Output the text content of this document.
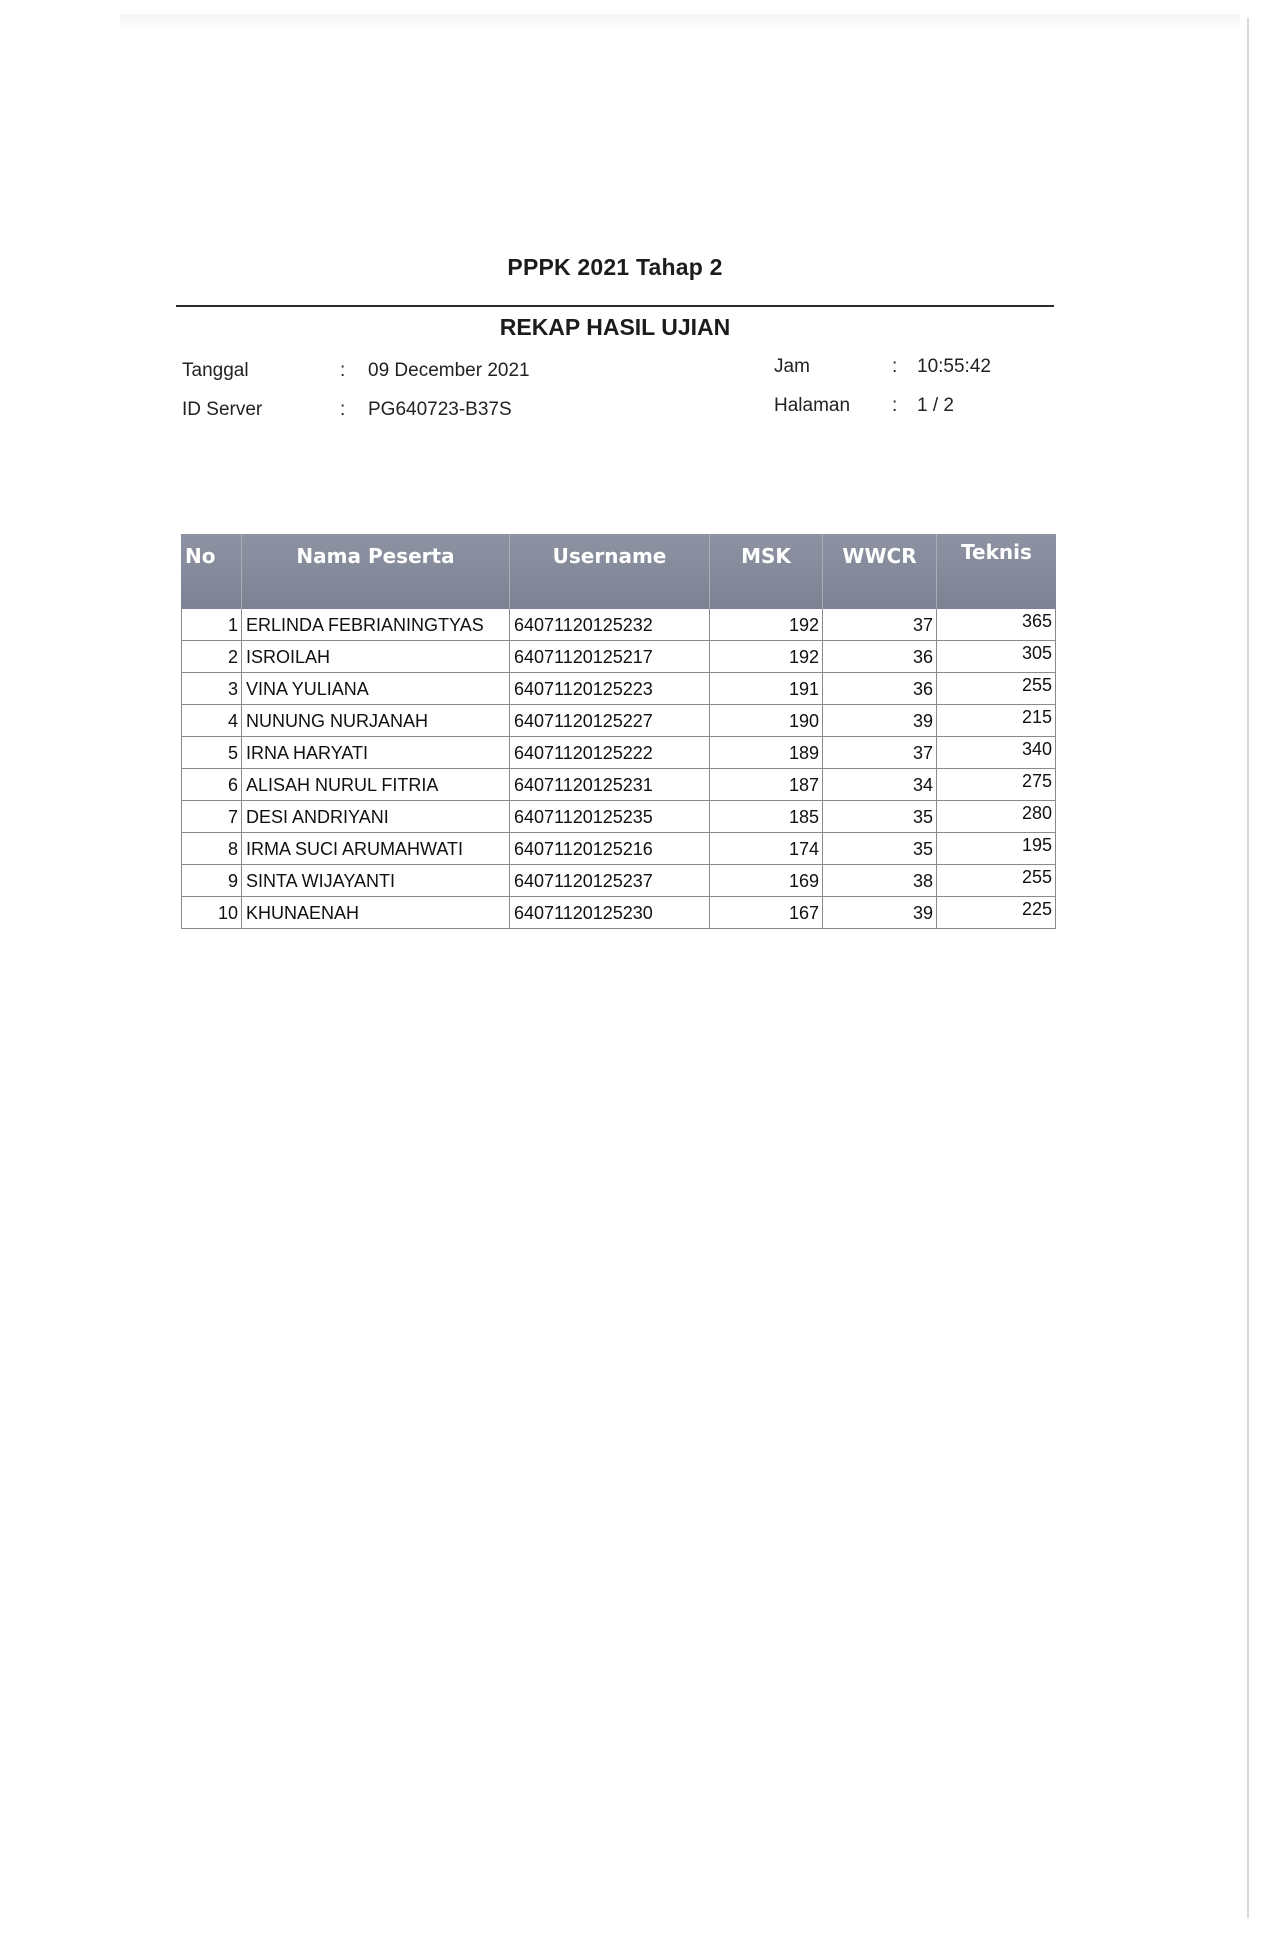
PPPK 2021 Tahap 2
REKAP HASIL UJIAN
Tanggal	: 09 December 2021
ID Server	: PG640723-B37S
Jam	: 10:55:42
Halaman : 1 / 2
No	Nama Peserta	Username	MSK	WWCR	Teknis
1 ERLINDA FEBRIANINGTYAS	64071120125232	192	37	365
2 ISROILAH	64071120125217	192	36	305
3 VINA YULIANA	64071120125223	191	36	255
4 NUNUNG NURJANAH	64071120125227	190	39	215
5 IRNA HARYATI	64071120125222	189	37	340
6 ALISAH NURUL FITRIA	64071120125231	187	34	275
7 DESI ANDRIYANI	64071120125235	185	35	280
8 IRMA SUCI ARUMAHWATI	64071120125216	174	35	195
9 SINTA WIJAYANTI	64071120125237	169	38	255
10 KHUNAENAH	64071120125230	167	39	225
